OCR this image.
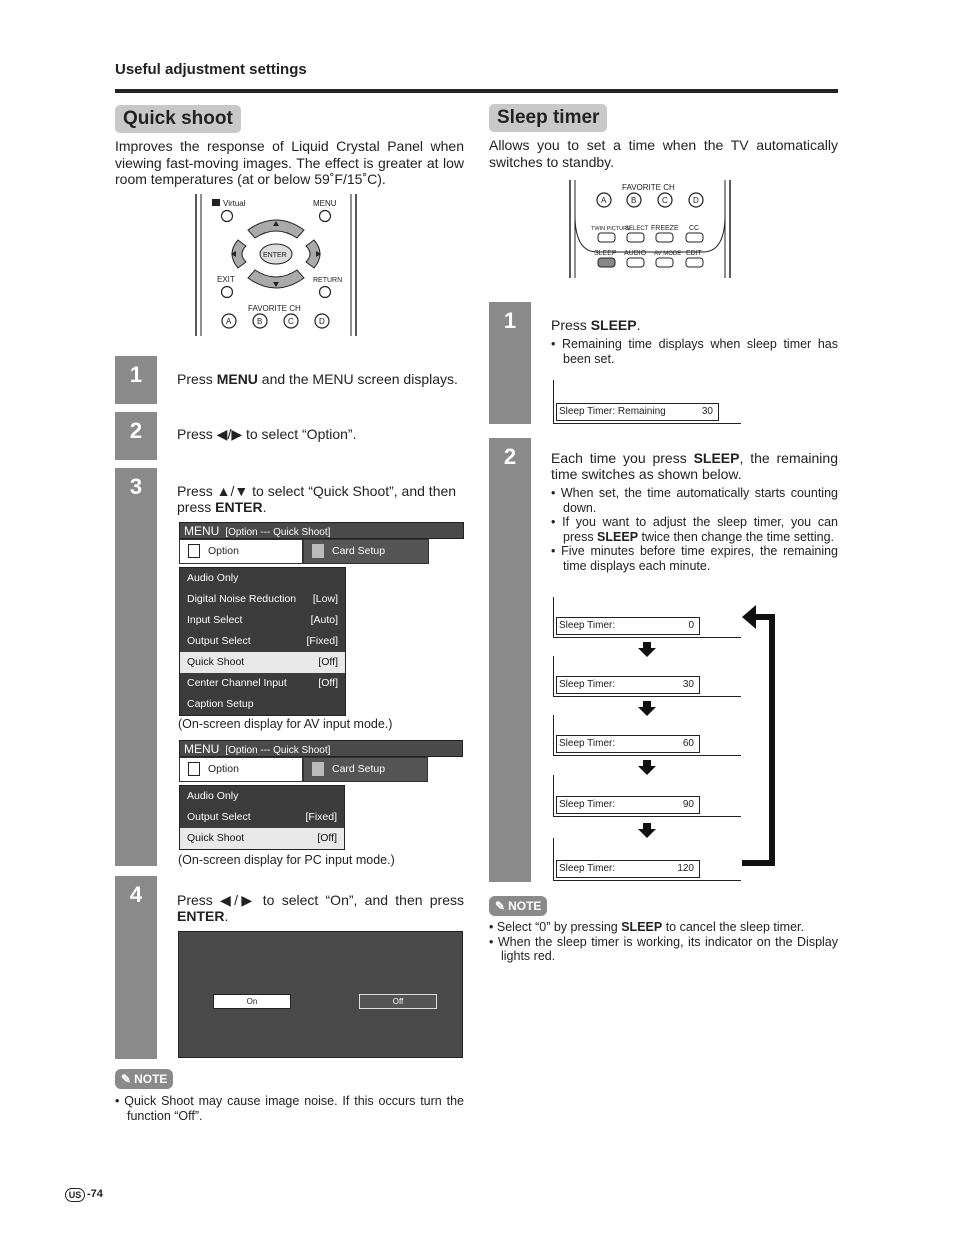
Useful adjustment settings
Quick shoot
Improves the response of Liquid Crystal Panel when viewing fast-moving images. The effect is greater at low room temperatures (at or below 59˚F/15˚C).
Virtual	MENU
ENTER
EXIT	RETURN
FAVORITE CH
A	B	C	D
1	Press MENU and the MENU screen displays.
2	Press ◀/▶ to select “Option”.
3	Press ▲/▼ to select “Quick Shoot”, and then press ENTER.
MENU [Option --- Quick Shoot]
Option	Card Setup
Audio Only
Digital Noise Reduction [Low]
Input Select	[Auto]
Output Select	[Fixed]
Quick Shoot	[Off]
Center Channel Input	[Off]
Caption Setup
(On-screen display for AV input mode.)
MENU [Option --- Quick Shoot]
Option	Card Setup
Audio Only
Output Select	[Fixed]
Quick Shoot	[Off]
(On-screen display for PC input mode.)
4	Press ◀/▶ to select “On”, and then press ENTER.
On	Off
✎ NOTE
• Quick Shoot may cause image noise. If this occurs turn the function “Off”.
Sleep timer
Allows you to set a time when the TV automatically switches to standby.
FAVORITE CH
A	B	C	D
TWIN PICTURE
SELECT FREEZE CC
SLEEP AUDIO AV MODE EDIT
1	Press SLEEP.
• Remaining time displays when sleep timer has been set.
Sleep Timer: Remaining	30
2	Each time you press SLEEP, the remaining time switches as shown below.
• When set, the time automatically starts counting down.
• If you want to adjust the sleep timer, you can press SLEEP twice then change the time setting.
• Five minutes before time expires, the remaining time displays each minute.
Sleep Timer:	0
Sleep Timer:	30
Sleep Timer:	60
Sleep Timer:	90
Sleep Timer:	120
✎ NOTE
• Select “0” by pressing SLEEP to cancel the sleep timer.
• When the sleep timer is working, its indicator on the Display lights red.
US -74
